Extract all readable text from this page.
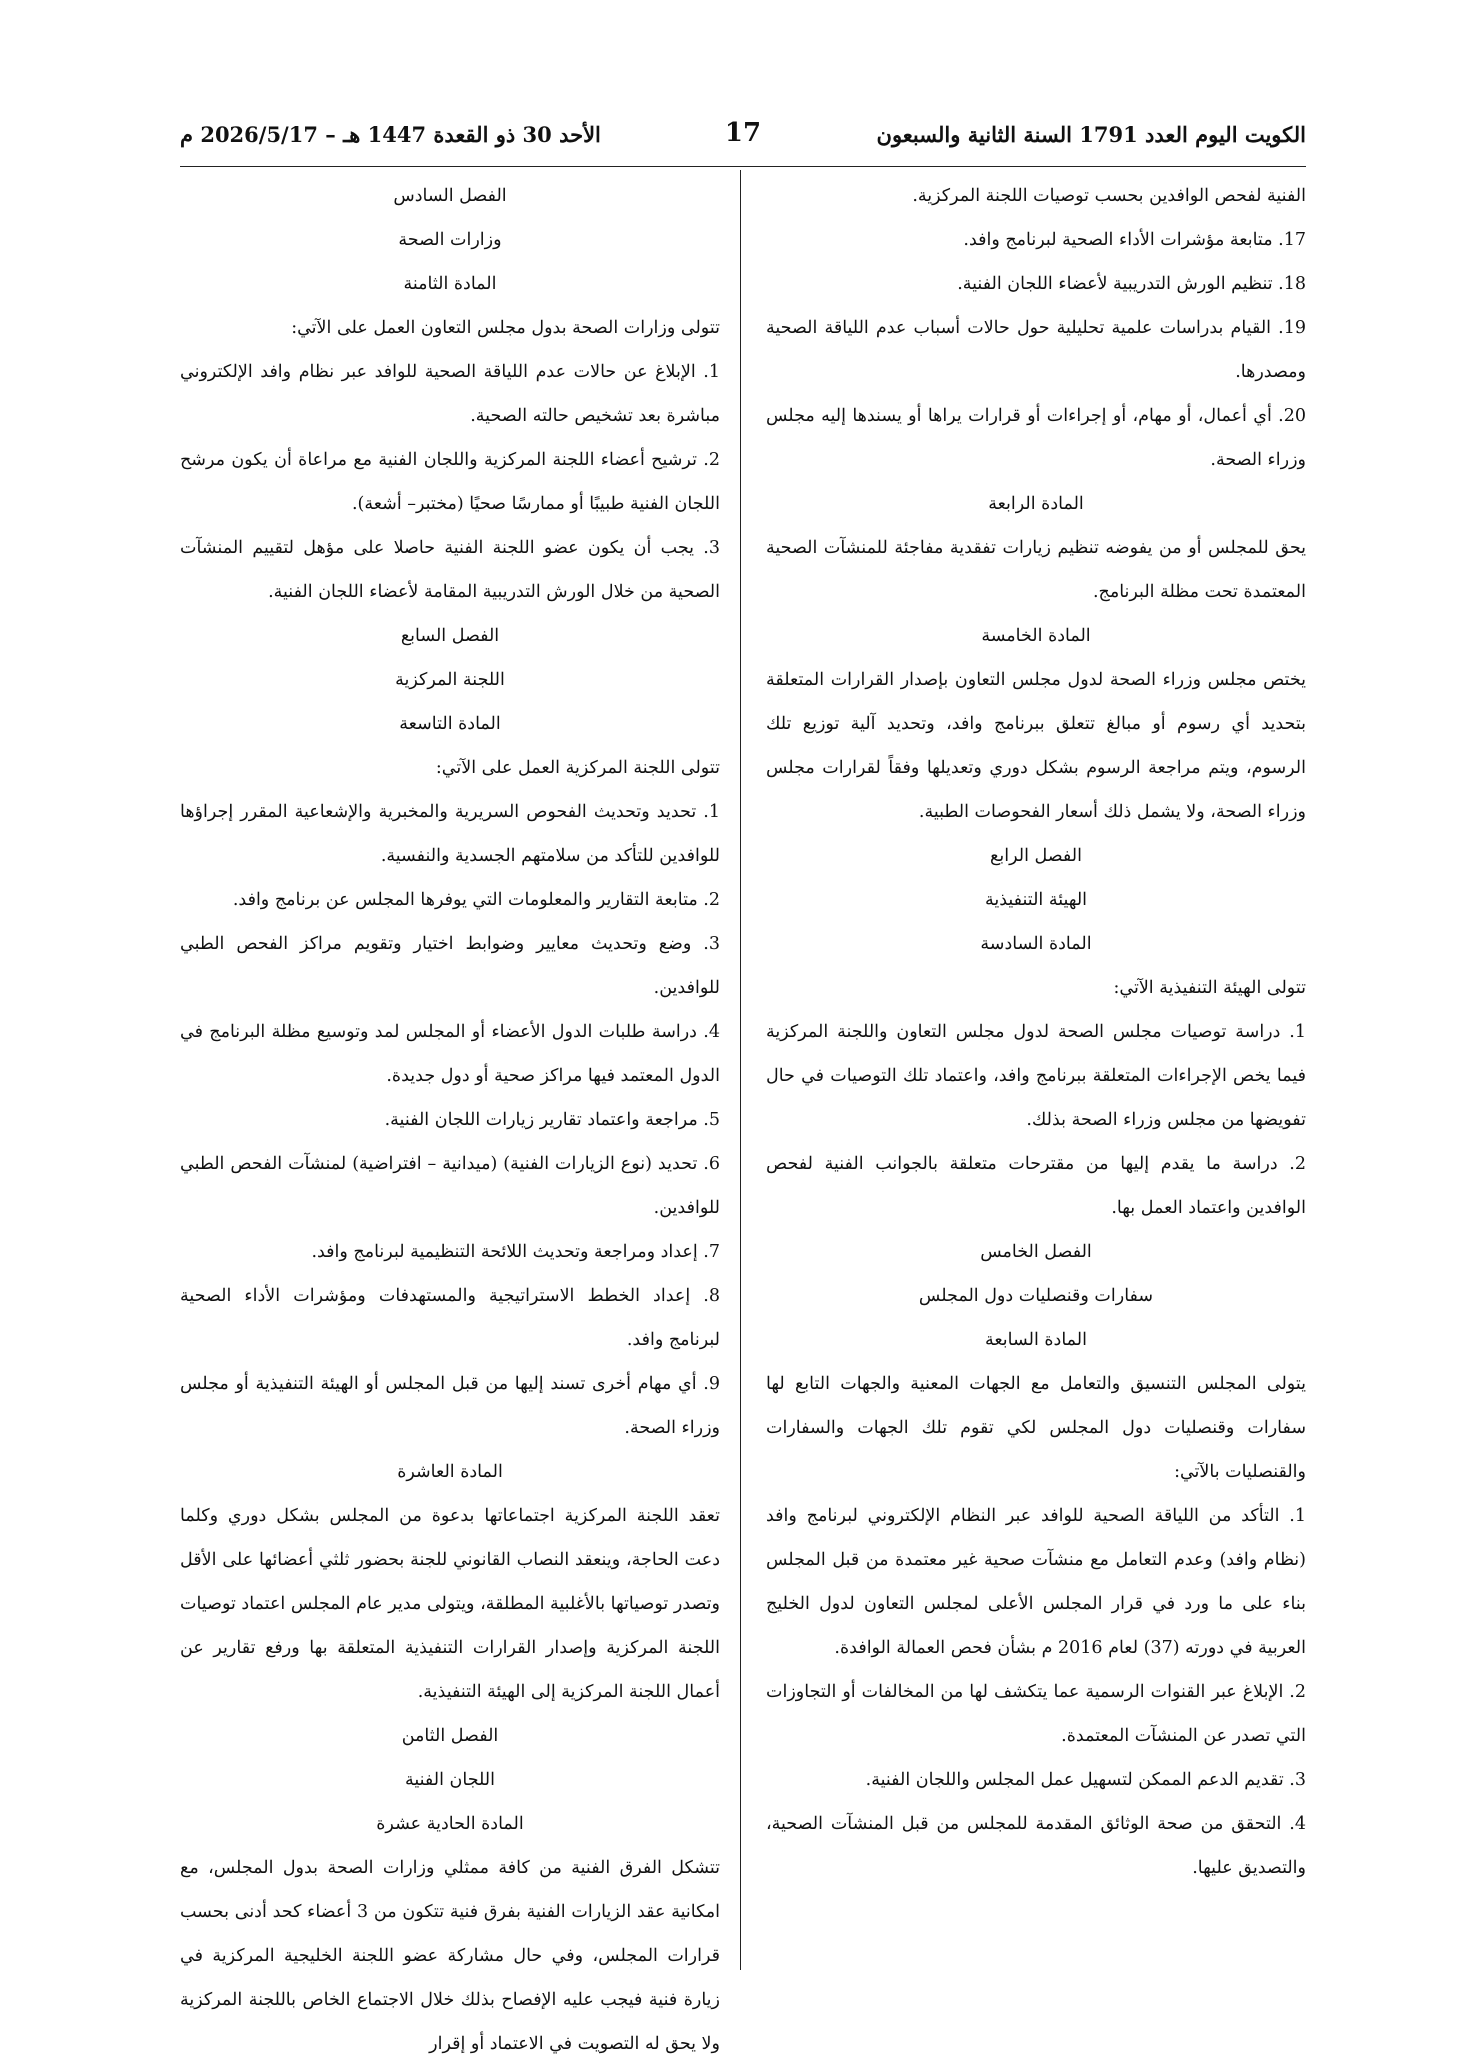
الكويت اليوم العدد 1791 السنة الثانية والسبعون
17
الأحد 30 ذو القعدة 1447 هـ – 2026/5/17 م

الفنية لفحص الوافدين بحسب توصيات اللجنة المركزية.

17. متابعة مؤشرات الأداء الصحية لبرنامج وافد.

18. تنظيم الورش التدريبية لأعضاء اللجان الفنية.

19. القيام بدراسات علمية تحليلية حول حالات أسباب عدم اللياقة الصحية ومصدرها.

20. أي أعمال، أو مهام، أو إجراءات أو قرارات يراها أو يسندها إليه مجلس وزراء الصحة.

المادة الرابعة

يحق للمجلس أو من يفوضه تنظيم زيارات تفقدية مفاجئة للمنشآت الصحية المعتمدة تحت مظلة البرنامج.

المادة الخامسة

يختص مجلس وزراء الصحة لدول مجلس التعاون بإصدار القرارات المتعلقة بتحديد أي رسوم أو مبالغ تتعلق ببرنامج وافد، وتحديد آلية توزيع تلك الرسوم، ويتم مراجعة الرسوم بشكل دوري وتعديلها وفقاً لقرارات مجلس وزراء الصحة، ولا يشمل ذلك أسعار الفحوصات الطبية.

الفصل الرابع

الهيئة التنفيذية

المادة السادسة

تتولى الهيئة التنفيذية الآتي:

1. دراسة توصيات مجلس الصحة لدول مجلس التعاون واللجنة المركزية فيما يخص الإجراءات المتعلقة ببرنامج وافد، واعتماد تلك التوصيات في حال تفويضها من مجلس وزراء الصحة بذلك.

2. دراسة ما يقدم إليها من مقترحات متعلقة بالجوانب الفنية لفحص الوافدين واعتماد العمل بها.

الفصل الخامس

سفارات وقنصليات دول المجلس

المادة السابعة

يتولى المجلس التنسيق والتعامل مع الجهات المعنية والجهات التابع لها سفارات وقنصليات دول المجلس لكي تقوم تلك الجهات والسفارات والقنصليات بالآتي:

1. التأكد من اللياقة الصحية للوافد عبر النظام الإلكتروني لبرنامج وافد (نظام وافد) وعدم التعامل مع منشآت صحية غير معتمدة من قبل المجلس بناء على ما ورد في قرار المجلس الأعلى لمجلس التعاون لدول الخليج العربية في دورته (37) لعام 2016 م بشأن فحص العمالة الوافدة.

2. الإبلاغ عبر القنوات الرسمية عما يتكشف لها من المخالفات أو التجاوزات التي تصدر عن المنشآت المعتمدة.

3. تقديم الدعم الممكن لتسهيل عمل المجلس واللجان الفنية.

4. التحقق من صحة الوثائق المقدمة للمجلس من قبل المنشآت الصحية، والتصديق عليها.

الفصل السادس

وزارات الصحة

المادة الثامنة

تتولى وزارات الصحة بدول مجلس التعاون العمل على الآتي:

1. الإبلاغ عن حالات عدم اللياقة الصحية للوافد عبر نظام وافد الإلكتروني مباشرة بعد تشخيص حالته الصحية.

2. ترشيح أعضاء اللجنة المركزية واللجان الفنية مع مراعاة أن يكون مرشح اللجان الفنية طبيبًا أو ممارسًا صحيًا (مختبر– أشعة).

3. يجب أن يكون عضو اللجنة الفنية حاصلا على مؤهل لتقييم المنشآت الصحية من خلال الورش التدريبية المقامة لأعضاء اللجان الفنية.

الفصل السابع

اللجنة المركزية

المادة التاسعة

تتولى اللجنة المركزية العمل على الآتي:

1. تحديد وتحديث الفحوص السريرية والمخبرية والإشعاعية المقرر إجراؤها للوافدين للتأكد من سلامتهم الجسدية والنفسية.

2. متابعة التقارير والمعلومات التي يوفرها المجلس عن برنامج وافد.

3. وضع وتحديث معايير وضوابط اختيار وتقويم مراكز الفحص الطبي للوافدين.

4. دراسة طلبات الدول الأعضاء أو المجلس لمد وتوسيع مظلة البرنامج في الدول المعتمد فيها مراكز صحية أو دول جديدة.

5. مراجعة واعتماد تقارير زيارات اللجان الفنية.

6. تحديد (نوع الزيارات الفنية) (ميدانية – افتراضية) لمنشآت الفحص الطبي للوافدين.

7. إعداد ومراجعة وتحديث اللائحة التنظيمية لبرنامج وافد.

8. إعداد الخطط الاستراتيجية والمستهدفات ومؤشرات الأداء الصحية لبرنامج وافد.

9. أي مهام أخرى تسند إليها من قبل المجلس أو الهيئة التنفيذية أو مجلس وزراء الصحة.

المادة العاشرة

تعقد اللجنة المركزية اجتماعاتها بدعوة من المجلس بشكل دوري وكلما دعت الحاجة، وينعقد النصاب القانوني للجنة بحضور ثلثي أعضائها على الأقل وتصدر توصياتها بالأغلبية المطلقة، ويتولى مدير عام المجلس اعتماد توصيات اللجنة المركزية وإصدار القرارات التنفيذية المتعلقة بها ورفع تقارير عن أعمال اللجنة المركزية إلى الهيئة التنفيذية.

الفصل الثامن

اللجان الفنية

المادة الحادية عشرة

تتشكل الفرق الفنية من كافة ممثلي وزارات الصحة بدول المجلس، مع امكانية عقد الزيارات الفنية بفرق فنية تتكون من 3 أعضاء كحد أدنى بحسب قرارات المجلس، وفي حال مشاركة عضو اللجنة الخليجية المركزية في زيارة فنية فيجب عليه الإفصاح بذلك خلال الاجتماع الخاص باللجنة المركزية ولا يحق له التصويت في الاعتماد أو إقرار
